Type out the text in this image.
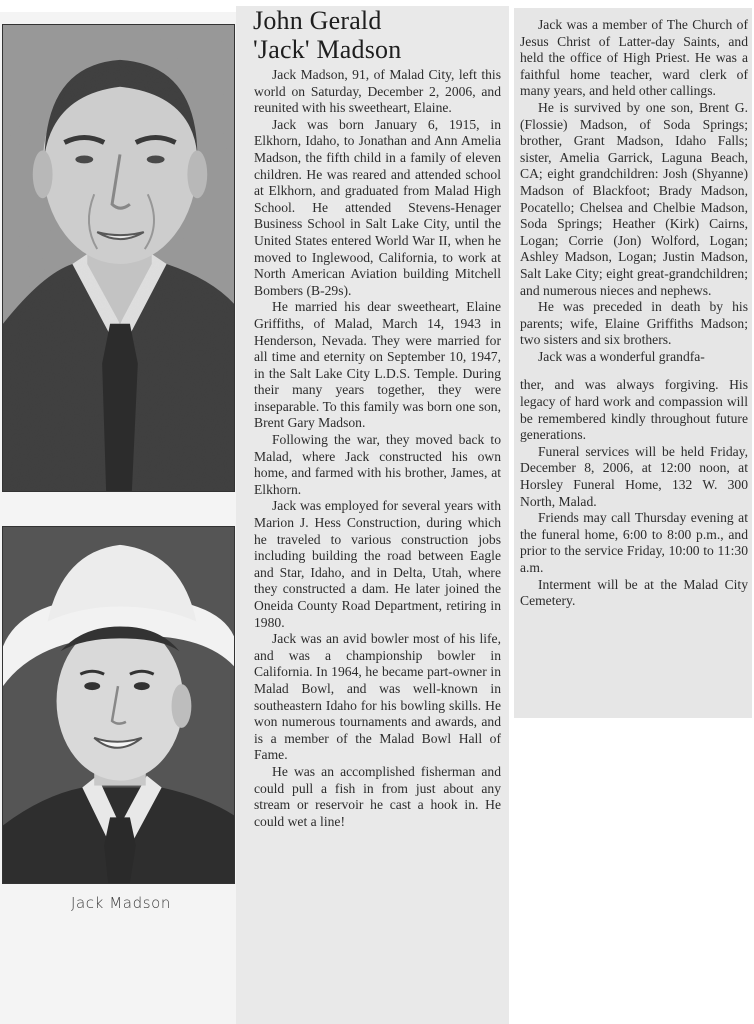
Jack Madson
John Gerald
'Jack' Madson

Jack Madson, 91, of Malad City, left this world on Saturday, December 2, 2006, and reunited with his sweetheart, Elaine.

Jack was born January 6, 1915, in Elkhorn, Idaho, to Jonathan and Ann Amelia Madson, the fifth child in a family of eleven children. He was reared and attended school at Elkhorn, and graduated from Malad High School. He attended Stevens-Henager Business School in Salt Lake City, until the United States entered World War II, when he moved to Inglewood, California, to work at North American Aviation building Mitchell Bombers (B-29s).

He married his dear sweetheart, Elaine Griffiths, of Malad, March 14, 1943 in Henderson, Nevada. They were married for all time and eternity on September 10, 1947, in the Salt Lake City L.D.S. Temple. During their many years together, they were inseparable. To this family was born one son, Brent Gary Madson.

Following the war, they moved back to Malad, where Jack constructed his own home, and farmed with his brother, James, at Elkhorn.

Jack was employed for several years with Marion J. Hess Construction, during which he traveled to various construction jobs including building the road between Eagle and Star, Idaho, and in Delta, Utah, where they constructed a dam. He later joined the Oneida County Road Department, retiring in 1980.

Jack was an avid bowler most of his life, and was a championship bowler in California. In 1964, he became part-owner in Malad Bowl, and was well-known in southeastern Idaho for his bowling skills. He won numerous tournaments and awards, and is a member of the Malad Bowl Hall of Fame.

He was an accomplished fisherman and could pull a fish in from just about any stream or reservoir he cast a hook in. He could wet a line!

Jack was a member of The Church of Jesus Christ of Latter-day Saints, and held the office of High Priest. He was a faithful home teacher, ward clerk of many years, and held other callings.

He is survived by one son, Brent G. (Flossie) Madson, of Soda Springs; brother, Grant Madson, Idaho Falls; sister, Amelia Garrick, Laguna Beach, CA; eight grandchildren: Josh (Shyanne) Madson of Blackfoot; Brady Madson, Pocatello; Chelsea and Chelbie Madson, Soda Springs; Heather (Kirk) Cairns, Logan; Corrie (Jon) Wolford, Logan; Ashley Madson, Logan; Justin Madson, Salt Lake City; eight great-grandchildren; and numerous nieces and nephews.

He was preceded in death by his parents; wife, Elaine Griffiths Madson; two sisters and six brothers.

Jack was a wonderful grandfa-

ther, and was always forgiving. His legacy of hard work and compassion will be remembered kindly throughout future generations.

Funeral services will be held Friday, December 8, 2006, at 12:00 noon, at Horsley Funeral Home, 132 W. 300 North, Malad.

Friends may call Thursday evening at the funeral home, 6:00 to 8:00 p.m., and prior to the service Friday, 10:00 to 11:30 a.m.

Interment will be at the Malad City Cemetery.
